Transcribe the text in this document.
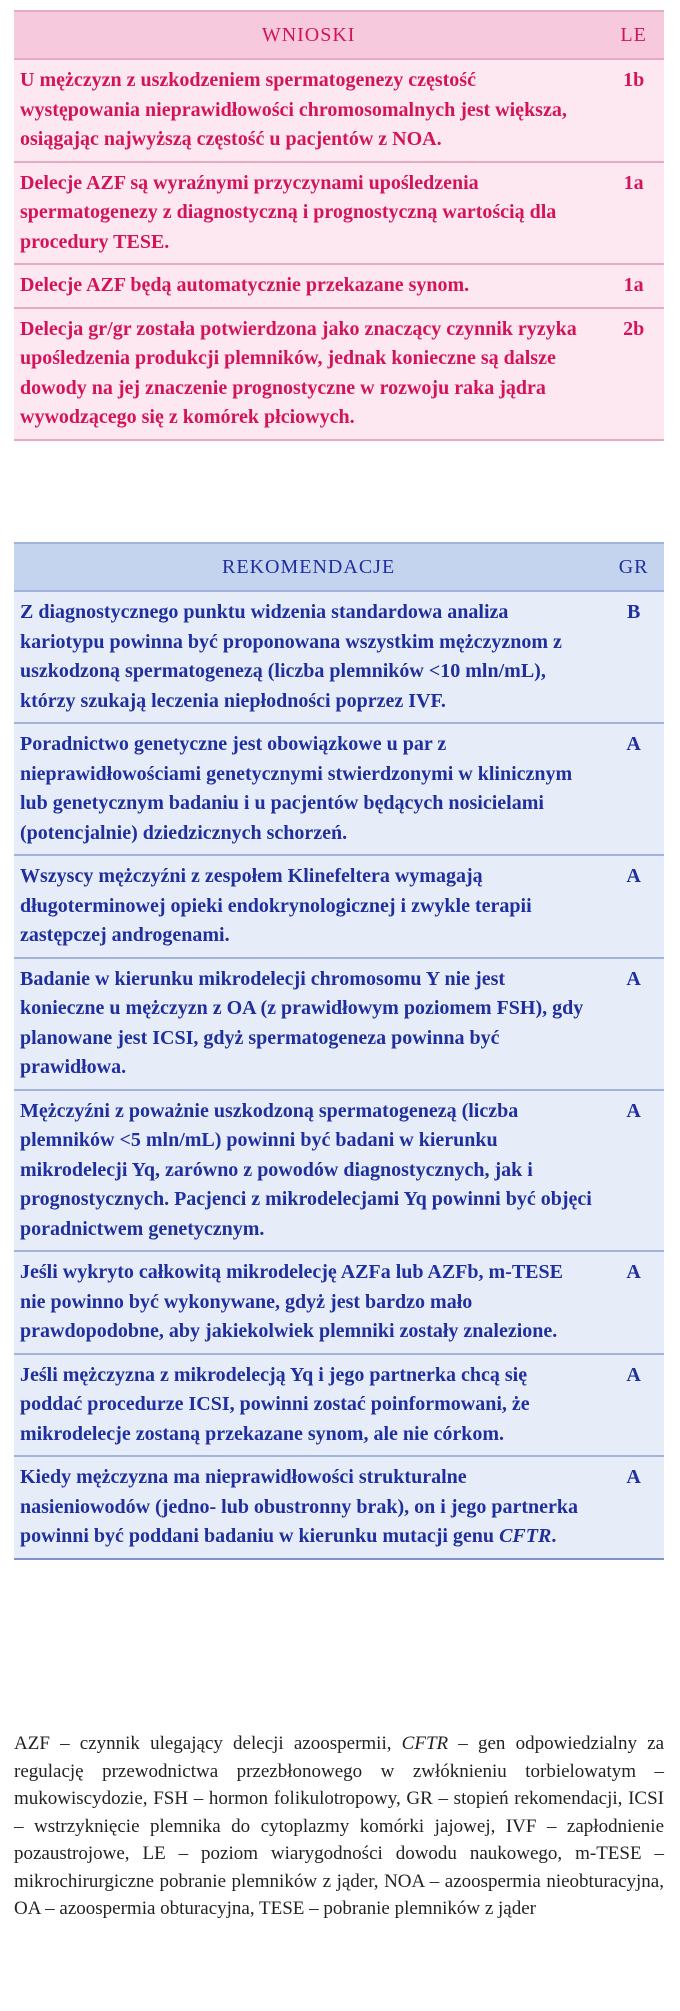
WNIOSKI	LE
U mężczyzn z uszkodzeniem spermatogenezy częstość występowania nieprawidłowości chromosomalnych jest większa, osiągając najwyższą częstość u pacjentów z NOA.	1b
Delecje AZF są wyraźnymi przyczynami upośledzenia spermatogenezy z diagnostyczną i prognostyczną wartością dla procedury TESE.	1a
Delecje AZF będą automatycznie przekazane synom.	1a
Delecja gr/gr została potwierdzona jako znaczący czynnik ryzyka upośledzenia produkcji plemników, jednak konieczne są dalsze dowody na jej znaczenie prognostyczne w rozwoju raka jądra wywodzącego się z komórek płciowych.	2b
REKOMENDACJE	GR
Z diagnostycznego punktu widzenia standardowa analiza kariotypu powinna być proponowana wszystkim mężczyznom z uszkodzoną spermatogenezą (liczba plemników <10 mln/mL), którzy szukają leczenia niepłodności poprzez IVF.	B
Poradnictwo genetyczne jest obowiązkowe u par z nieprawidłowościami genetycznymi stwierdzonymi w klinicznym lub genetycznym badaniu i u pacjentów będących nosicielami (potencjalnie) dziedzicznych schorzeń.	A
Wszyscy mężczyźni z zespołem Klinefeltera wymagają długoterminowej opieki endokrynologicznej i zwykle terapii zastępczej androgenami.	A
Badanie w kierunku mikrodelecji chromosomu Y nie jest konieczne u mężczyzn z OA (z prawidłowym poziomem FSH), gdy planowane jest ICSI, gdyż spermatogeneza powinna być prawidłowa.	A
Mężczyźni z poważnie uszkodzoną spermatogenezą (liczba plemników <5 mln/mL) powinni być badani w kierunku mikrodelecji Yq, zarówno z powodów diagnostycznych, jak i prognostycznych. Pacjenci z mikrodelecjami Yq powinni być objęci poradnictwem genetycznym.	A
Jeśli wykryto całkowitą mikrodelecję AZFa lub AZFb, m-TESE nie powinno być wykonywane, gdyż jest bardzo mało prawdopodobne, aby jakiekolwiek plemniki zostały znalezione.	A
Jeśli mężczyzna z mikrodelecją Yq i jego partnerka chcą się poddać procedurze ICSI, powinni zostać poinformowani, że mikrodelecje zostaną przekazane synom, ale nie córkom.	A
Kiedy mężczyzna ma nieprawidłowości strukturalne nasieniowodów (jedno- lub obustronny brak), on i jego partnerka powinni być poddani badaniu w kierunku mutacji genu CFTR.	A
AZF – czynnik ulegający delecji azoospermii, CFTR – gen odpowiedzialny za regulację przewodnictwa przezbłonowego w zwłóknieniu torbielowatym – mukowiscydozie, FSH – hormon folikulotropowy, GR – stopień rekomendacji, ICSI – wstrzyknięcie plemnika do cytoplazmy komórki jajowej, IVF – zapłodnienie pozaustrojowe, LE – poziom wiarygodności dowodu naukowego, m-TESE – mikrochirurgiczne pobranie plemników z jąder, NOA – azoospermia nieobturacyjna, OA – azoospermia obturacyjna, TESE – pobranie plemników z jąder
